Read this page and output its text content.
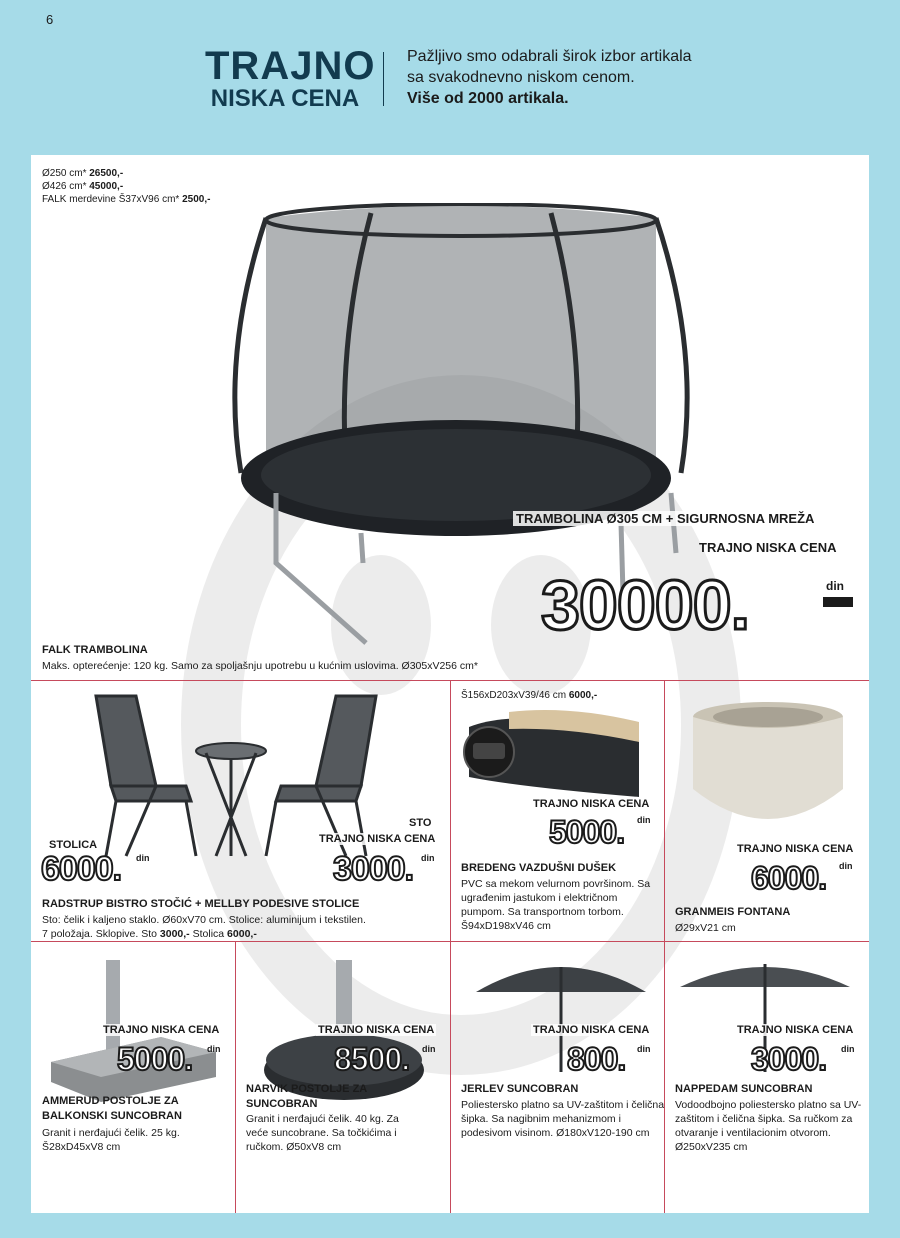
6
TRAJNO
NISKA CENA
Pažljivo smo odabrali širok izbor artikala
sa svakodnevno niskom cenom.
Više od 2000 artikala.
Ø250 cm* 26500,-
Ø426 cm* 45000,-
FALK merdevine Š37xV96 cm* 2500,-
TRAMBOLINA Ø305 CM + SIGURNOSNA MREŽA
TRAJNO NISKA CENA
30000.	din
FALK TRAMBOLINA
Maks. opterećenje: 120 kg. Samo za spoljašnju upotrebu u kućnim uslovima. Ø305xV256 cm*
STOLICA
6000. din
STO
TRAJNO NISKA CENA
3000. din
RADSTRUP BISTRO STOČIĆ + MELLBY PODESIVE STOLICE
Sto: čelik i kaljeno staklo. Ø60xV70 cm. Stolice: aluminijum i tekstilen.
7 položaja. Sklopive. Sto 3000,- Stolica 6000,-
Š156xD203xV39/46 cm 6000,-
TRAJNO NISKA CENA
5000. din
BREDENG VAZDUŠNI DUŠEK
PVC sa mekom velurnom površinom. Sa ugrađenim jastukom i električnom pumpom. Sa transportnom torbom. Š94xD198xV46 cm
TRAJNO NISKA CENA
6000. din
GRANMEIS FONTANA
Ø29xV21 cm
TRAJNO NISKA CENA
5000. din
AMMERUD POSTOLJE ZA BALKONSKI SUNCOBRAN
Granit i nerđajući čelik. 25 kg. Š28xD45xV8 cm
TRAJNO NISKA CENA
8500. din
NARVIK POSTOLJE ZA SUNCOBRAN
Granit i nerđajući čelik. 40 kg. Za veće suncobrane. Sa točkićima i ručkom. Ø50xV8 cm
TRAJNO NISKA CENA
800. din
JERLEV SUNCOBRAN
Poliestersko platno sa UV-zaštitom i čelična šipka. Sa nagibnim mehanizmom i podesivom visinom. Ø180xV120-190 cm
TRAJNO NISKA CENA
3000. din
NAPPEDAM SUNCOBRAN
Vodoodbojno poliestersko platno sa UV-zaštitom i čelična šipka. Sa ručkom za otvaranje i ventilacionim otvorom. Ø250xV235 cm
